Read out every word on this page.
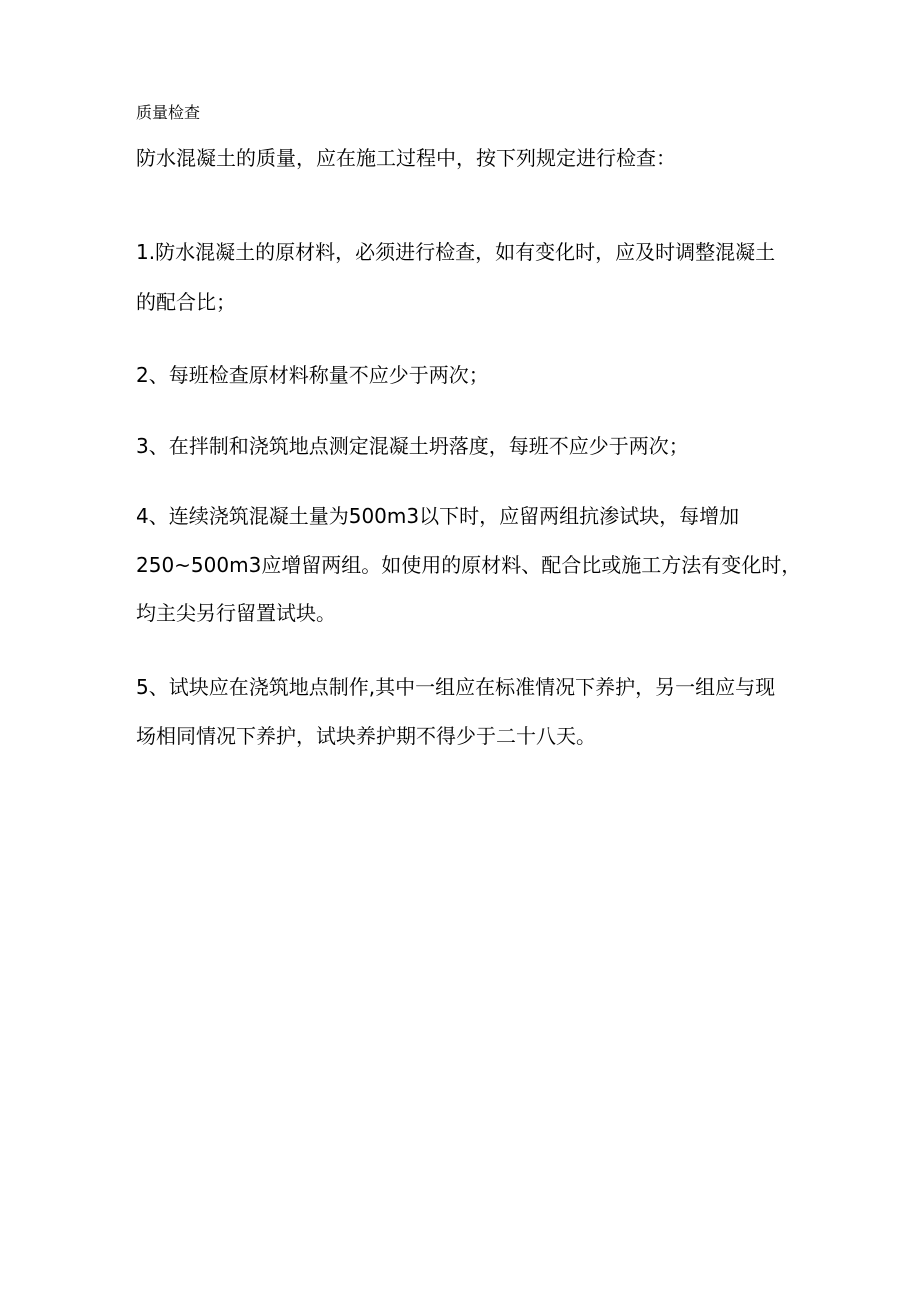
质量检查
防水混凝土的质量，应在施工过程中，按下列规定进行检查：
1.防水混凝土的原材料，必须进行检查，如有变化时，应及时调整混凝土
的配合比；
2、每班检查原材料称量不应少于两次；
3、在拌制和浇筑地点测定混凝土坍落度，每班不应少于两次；
4、连续浇筑混凝土量为500m3以下时，应留两组抗渗试块，每增加
250~500m3应增留两组。如使用的原材料、配合比或施工方法有变化时，
均主尖另行留置试块。
5、试块应在浇筑地点制作,其中一组应在标准情况下养护，另一组应与现
场相同情况下养护，试块养护期不得少于二十八天。
